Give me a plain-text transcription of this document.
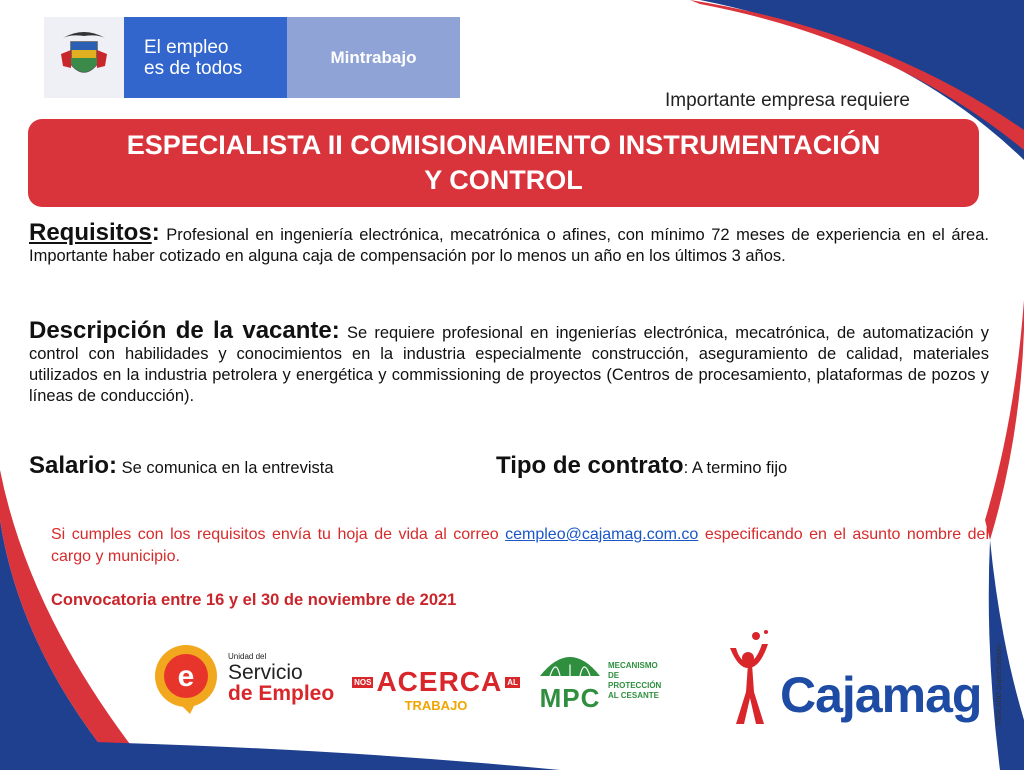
El empleo
es de todos
Mintrabajo
Importante empresa requiere
ESPECIALISTA II COMISIONAMIENTO INSTRUMENTACIÓN
Y CONTROL
Requisitos: Profesional en ingeniería electrónica, mecatrónica o afines, con mínimo 72 meses de experiencia en el área. Importante haber cotizado en alguna caja de compensación por lo menos un año en los últimos 3 años.
Descripción de la vacante: Se requiere profesional en ingenierías electrónica, mecatrónica, de automatización y control con habilidades y conocimientos en la industria especialmente construcción, aseguramiento de calidad, materiales utilizados en la industria petrolera y energética y commissioning de proyectos (Centros de procesamiento, plataformas de pozos y líneas de conducción).
Salario: Se comunica en la entrevista	Tipo de contrato: A termino fijo
Si cumples con los requisitos envía tu hoja de vida al correo cempleo@cajamag.com.co especificando en el asunto nombre del cargo y municipio.
Convocatoria entre 16 y el 30 de noviembre de 2021
e
Unidad del
Servicio
de Empleo NOS ACERCA AL
TRABAJO	MPC
MECANISMO DE
PROTECCIÓN
AL CESANTE Cajamag VIGILADO SuperSubsidio
